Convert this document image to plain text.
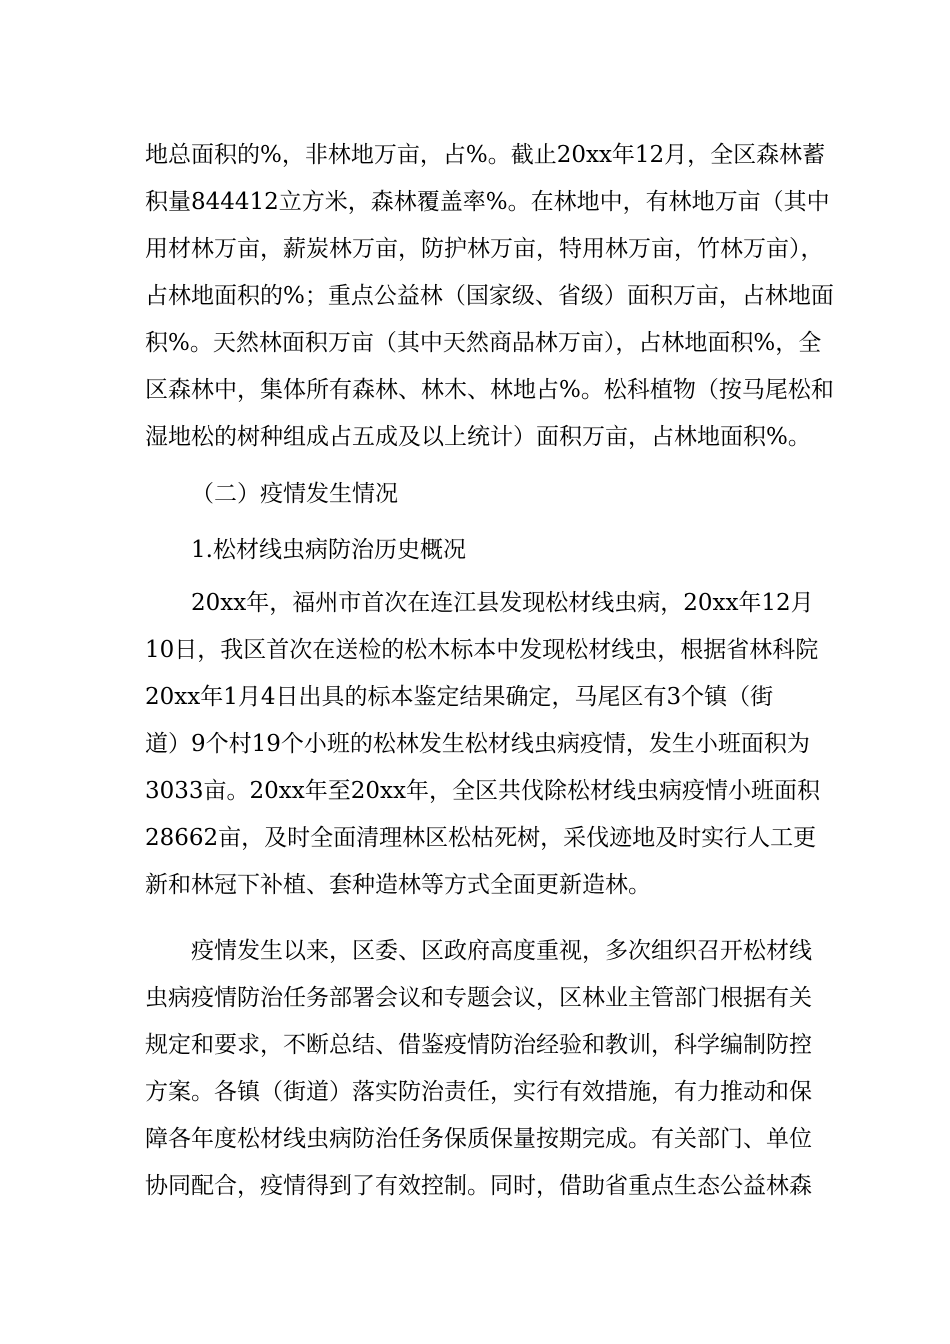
地总面积的%，非林地万亩，占%。截止20xx年12月，全区森林蓄
积量844412立方米，森林覆盖率%。在林地中，有林地万亩（其中
用材林万亩，薪炭林万亩，防护林万亩，特用林万亩，竹林万亩），
占林地面积的%；重点公益林（国家级、省级）面积万亩，占林地面
积%。天然林面积万亩（其中天然商品林万亩），占林地面积%，全
区森林中，集体所有森林、林木、林地占%。松科植物（按马尾松和
湿地松的树种组成占五成及以上统计）面积万亩，占林地面积%。
（二）疫情发生情况
1.松材线虫病防治历史概况
20xx年，福州市首次在连江县发现松材线虫病，20xx年12月
10日，我区首次在送检的松木标本中发现松材线虫，根据省林科院
20xx年1月4日出具的标本鉴定结果确定，马尾区有3个镇（街
道）9个村19个小班的松林发生松材线虫病疫情，发生小班面积为
3033亩。20xx年至20xx年，全区共伐除松材线虫病疫情小班面积
28662亩，及时全面清理林区松枯死树，采伐迹地及时实行人工更
新和林冠下补植、套种造林等方式全面更新造林。
疫情发生以来，区委、区政府高度重视，多次组织召开松材线
虫病疫情防治任务部署会议和专题会议，区林业主管部门根据有关
规定和要求，不断总结、借鉴疫情防治经验和教训，科学编制防控
方案。各镇（街道）落实防治责任，实行有效措施，有力推动和保
障各年度松材线虫病防治任务保质保量按期完成。有关部门、单位
协同配合，疫情得到了有效控制。同时，借助省重点生态公益林森
